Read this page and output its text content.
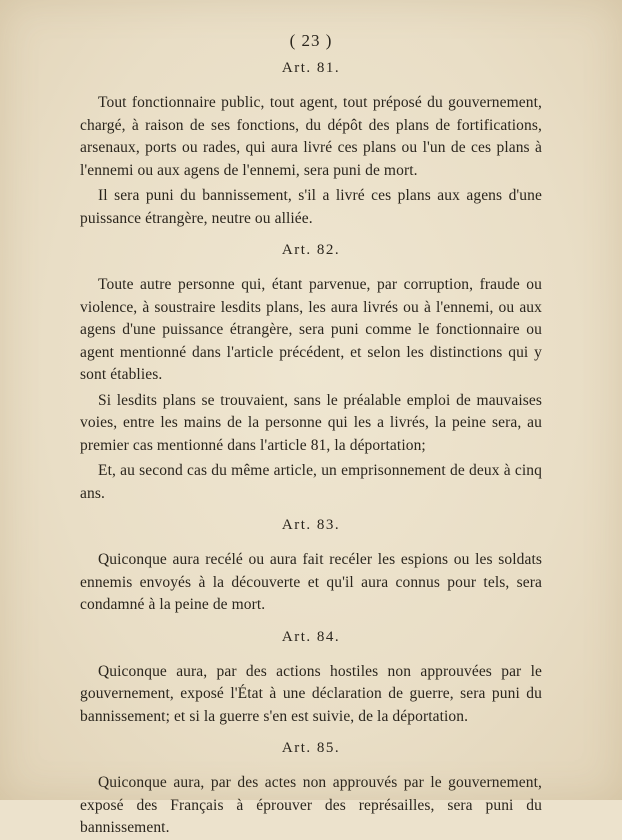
( 23 )
Art. 81.

Tout fonctionnaire public, tout agent, tout préposé du gouvernement, chargé, à raison de ses fonctions, du dépôt des plans de fortifications, arsenaux, ports ou rades, qui aura livré ces plans ou l'un de ces plans à l'ennemi ou aux agens de l'ennemi, sera puni de mort.

Il sera puni du bannissement, s'il a livré ces plans aux agens d'une puissance étrangère, neutre ou alliée.

Art. 82.

Toute autre personne qui, étant parvenue, par corruption, fraude ou violence, à soustraire lesdits plans, les aura livrés ou à l'ennemi, ou aux agens d'une puissance étrangère, sera puni comme le fonctionnaire ou agent mentionné dans l'article précédent, et selon les distinctions qui y sont établies.

Si lesdits plans se trouvaient, sans le préalable emploi de mauvaises voies, entre les mains de la personne qui les a livrés, la peine sera, au premier cas mentionné dans l'article 81, la déportation;

Et, au second cas du même article, un emprisonnement de deux à cinq ans.

Art. 83.

Quiconque aura recélé ou aura fait recéler les espions ou les soldats ennemis envoyés à la découverte et qu'il aura connus pour tels, sera condamné à la peine de mort.

Art. 84.

Quiconque aura, par des actions hostiles non approuvées par le gouvernement, exposé l'État à une déclaration de guerre, sera puni du bannissement; et si la guerre s'en est suivie, de la déportation.

Art. 85.

Quiconque aura, par des actes non approuvés par le gouvernement, exposé des Français à éprouver des représailles, sera puni du bannissement.
